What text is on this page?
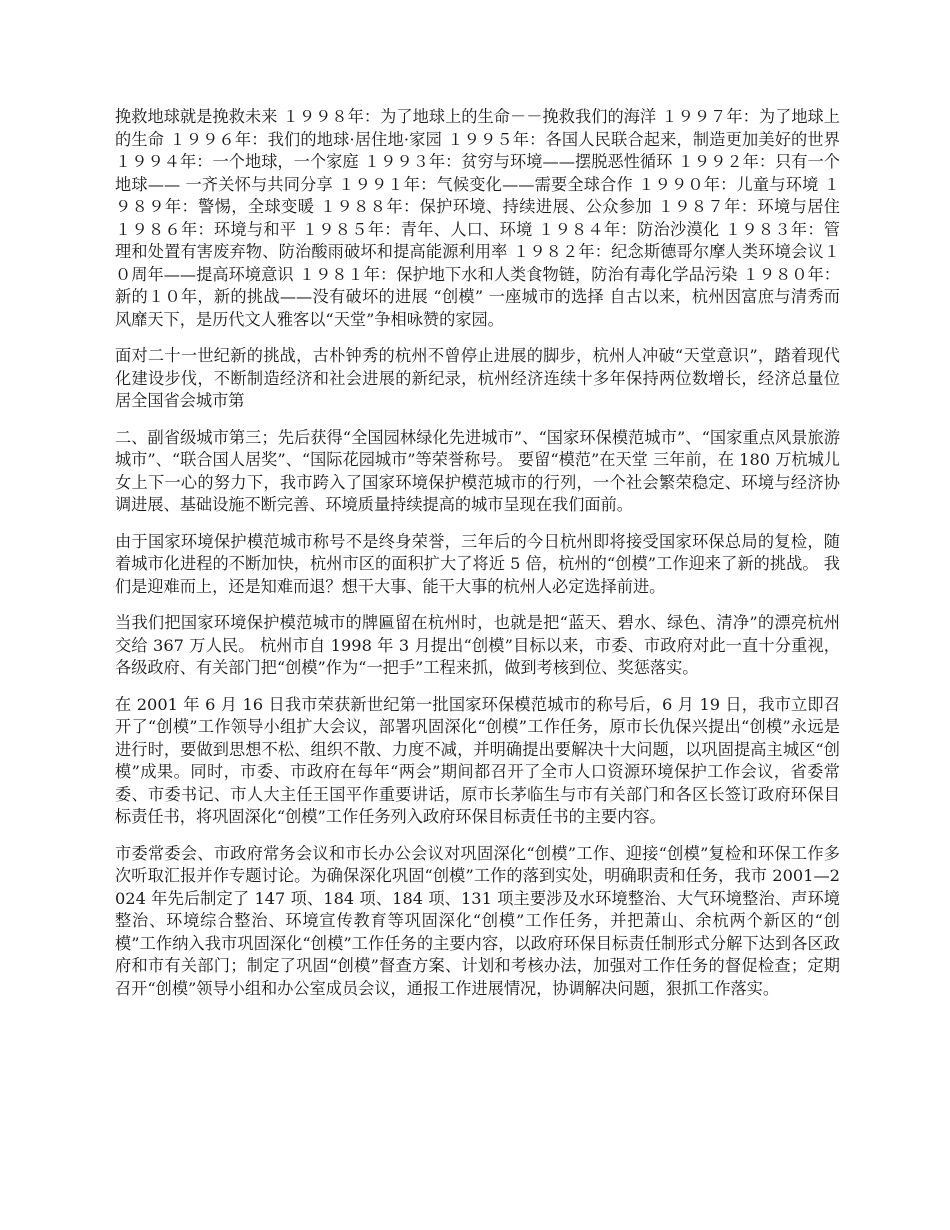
挽救地球就是挽救未来 １９９８年：为了地球上的生命－－挽救我们的海洋 １９９７年：为了地球上的生命 １９９６年：我们的地球·居住地·家园 １９９５年：各国人民联合起来，制造更加美好的世界 １９９４年：一个地球，一个家庭 １９９３年：贫穷与环境——摆脱恶性循环 １９９２年：只有一个地球—— 一齐关怀与共同分享 １９９１年：气候变化——需要全球合作 １９９０年：儿童与环境 １９８９年：警惕，全球变暖 １９８８年：保护环境、持续进展、公众参加 １９８７年：环境与居住 １９８６年：环境与和平 １９８５年：青年、人口、环境 １９８４年：防治沙漠化 １９８３年：管理和处置有害废弃物、防治酸雨破坏和提高能源利用率 １９８２年：纪念斯德哥尔摩人类环境会议１０周年——提高环境意识 １９８１年：保护地下水和人类食物链，防治有毒化学品污染 １９８０年：新的１０年，新的挑战——没有破坏的进展 “创模” 一座城市的选择 自古以来，杭州因富庶与清秀而风靡天下，是历代文人雅客以“天堂”争相咏赞的家园。

面对二十一世纪新的挑战，古朴钟秀的杭州不曾停止进展的脚步，杭州人冲破“天堂意识”，踏着现代化建设步伐，不断制造经济和社会进展的新纪录，杭州经济连续十多年保持两位数增长，经济总量位居全国省会城市第

二、副省级城市第三；先后获得“全国园林绿化先进城市”、“国家环保模范城市”、“国家重点风景旅游城市”、“联合国人居奖”、“国际花园城市”等荣誉称号。 要留“模范”在天堂 三年前，在 180 万杭城儿女上下一心的努力下，我市跨入了国家环境保护模范城市的行列，一个社会繁荣稳定、环境与经济协调进展、基础设施不断完善、环境质量持续提高的城市呈现在我们面前。

由于国家环境保护模范城市称号不是终身荣誉，三年后的今日杭州即将接受国家环保总局的复检，随着城市化进程的不断加快，杭州市区的面积扩大了将近 5 倍，杭州的“创模”工作迎来了新的挑战。 我们是迎难而上，还是知难而退？想干大事、能干大事的杭州人必定选择前进。

当我们把国家环境保护模范城市的牌匾留在杭州时，也就是把“蓝天、碧水、绿色、清净”的漂亮杭州交给 367 万人民。 杭州市自 1998 年 3 月提出“创模”目标以来，市委、市政府对此一直十分重视，各级政府、有关部门把“创模”作为“一把手”工程来抓，做到考核到位、奖惩落实。

在 2001 年 6 月 16 日我市荣获新世纪第一批国家环保模范城市的称号后，6 月 19 日，我市立即召开了“创模”工作领导小组扩大会议，部署巩固深化“创模”工作任务，原市长仇保兴提出“创模”永远是进行时，要做到思想不松、组织不散、力度不减，并明确提出要解决十大问题，以巩固提高主城区“创模”成果。同时，市委、市政府在每年“两会”期间都召开了全市人口资源环境保护工作会议，省委常委、市委书记、市人大主任王国平作重要讲话，原市长茅临生与市有关部门和各区长签订政府环保目标责任书，将巩固深化“创模”工作任务列入政府环保目标责任书的主要内容。

市委常委会、市政府常务会议和市长办公会议对巩固深化“创模”工作、迎接“创模”复检和环保工作多次听取汇报并作专题讨论。为确保深化巩固“创模”工作的落到实处，明确职责和任务，我市 2001—2024 年先后制定了 147 项、184 项、184 项、131 项主要涉及水环境整治、大气环境整治、声环境整治、环境综合整治、环境宣传教育等巩固深化“创模”工作任务，并把萧山、余杭两个新区的“创模”工作纳入我市巩固深化“创模”工作任务的主要内容，以政府环保目标责任制形式分解下达到各区政府和市有关部门；制定了巩固“创模”督查方案、计划和考核办法，加强对工作任务的督促检查；定期召开“创模”领导小组和办公室成员会议，通报工作进展情况，协调解决问题，狠抓工作落实。
